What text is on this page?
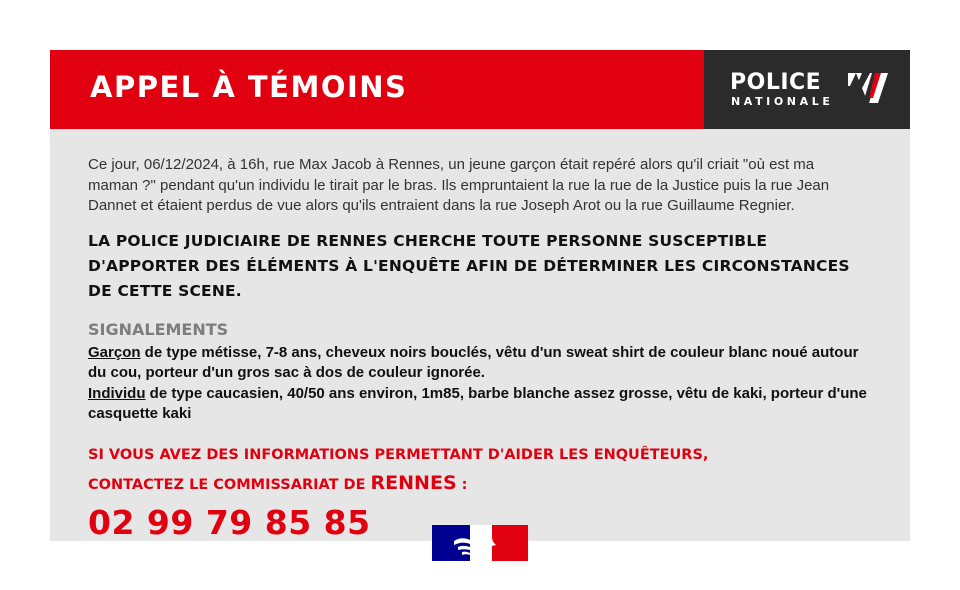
APPEL À TÉMOINS	POLICE
NATIONALE

Ce jour, 06/12/2024, à 16h, rue Max Jacob à Rennes, un jeune garçon était repéré alors qu'il criait "où est ma maman ?" pendant qu'un individu le tirait par le bras. Ils empruntaient la rue la rue de la Justice puis la rue Jean Dannet et étaient perdus de vue alors qu'ils entraient dans la rue Joseph Arot ou la rue Guillaume Regnier.

LA POLICE JUDICIAIRE DE RENNES CHERCHE TOUTE PERSONNE SUSCEPTIBLE D'APPORTER DES ÉLÉMENTS À L'ENQUÊTE AFIN DE DÉTERMINER LES CIRCONSTANCES DE CETTE SCENE.

SIGNALEMENTS

Garçon de type métisse, 7-8 ans, cheveux noirs bouclés, vêtu d'un sweat shirt de couleur blanc noué autour du cou, porteur d'un gros sac à dos de couleur ignorée.
Individu de type caucasien, 40/50 ans environ, 1m85, barbe blanche assez grosse, vêtu de kaki, porteur d'une casquette kaki

SI VOUS AVEZ DES INFORMATIONS PERMETTANT D'AIDER LES ENQUÊTEURS,
CONTACTEZ LE COMMISSARIAT DE RENNES :

02 99 79 85 85
